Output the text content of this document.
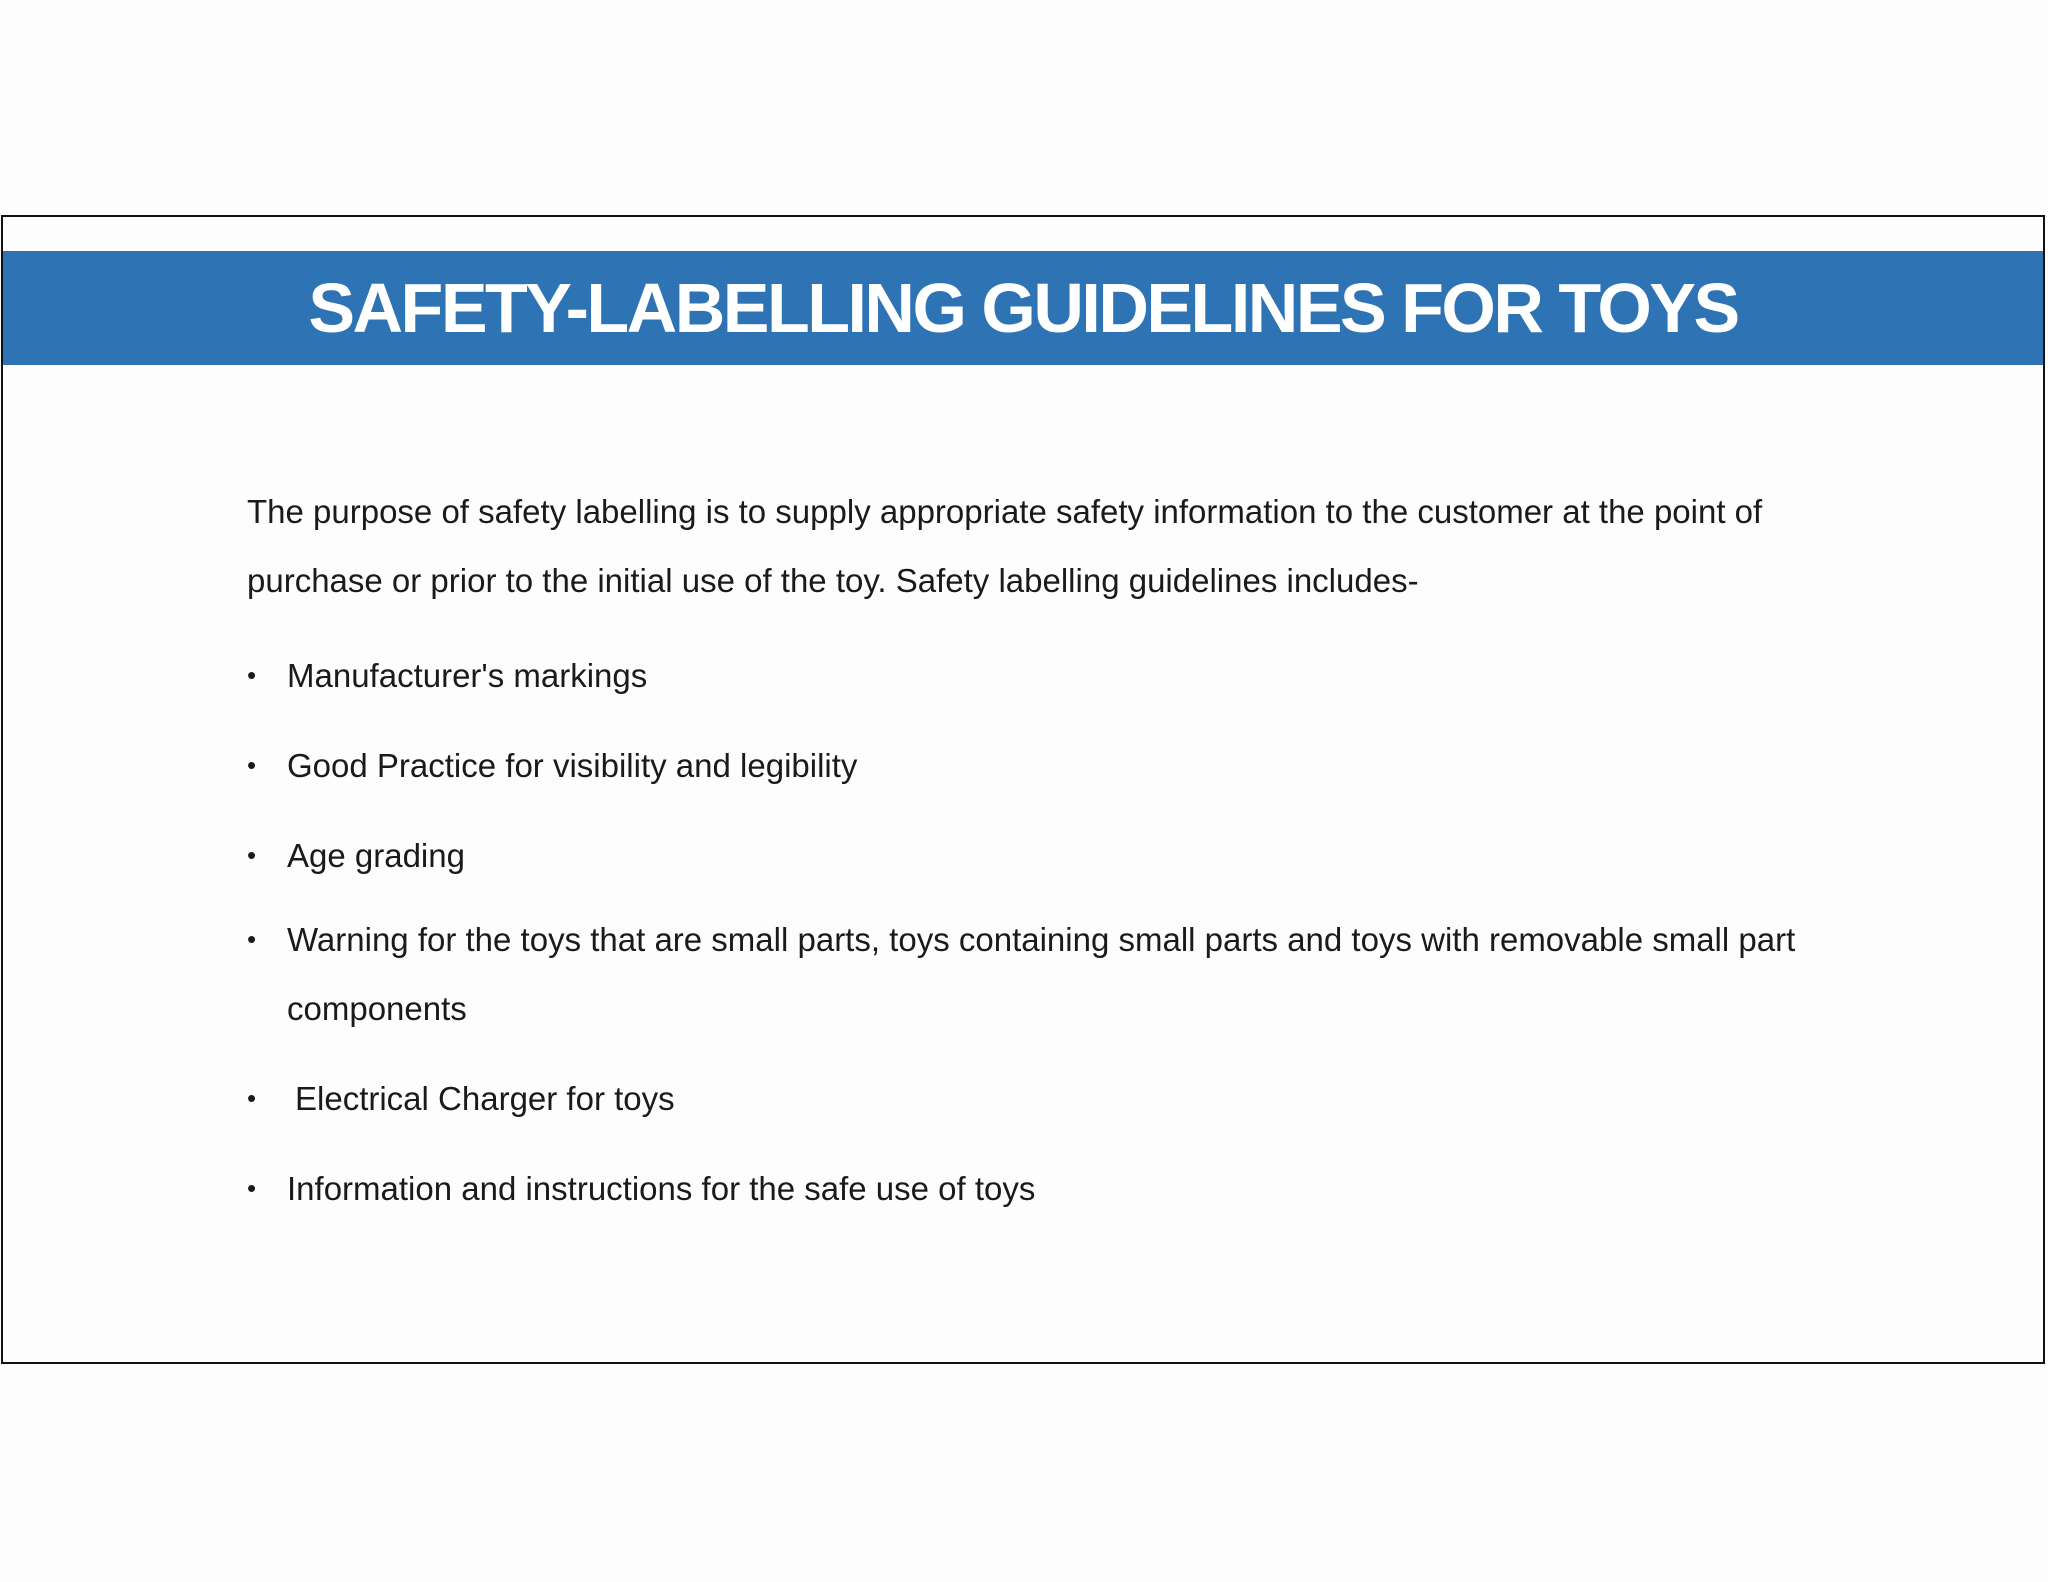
SAFETY-LABELLING GUIDELINES FOR TOYS

The purpose of safety labelling is to supply appropriate safety information to the customer at the point of purchase or prior to the initial use of the toy. Safety labelling guidelines includes-

• Manufacturer's markings
• Good Practice for visibility and legibility
• Age grading
• Warning for the toys that are small parts, toys containing small parts and toys with removable small part components
•	Electrical Charger for toys
• Information and instructions for the safe use of toys
